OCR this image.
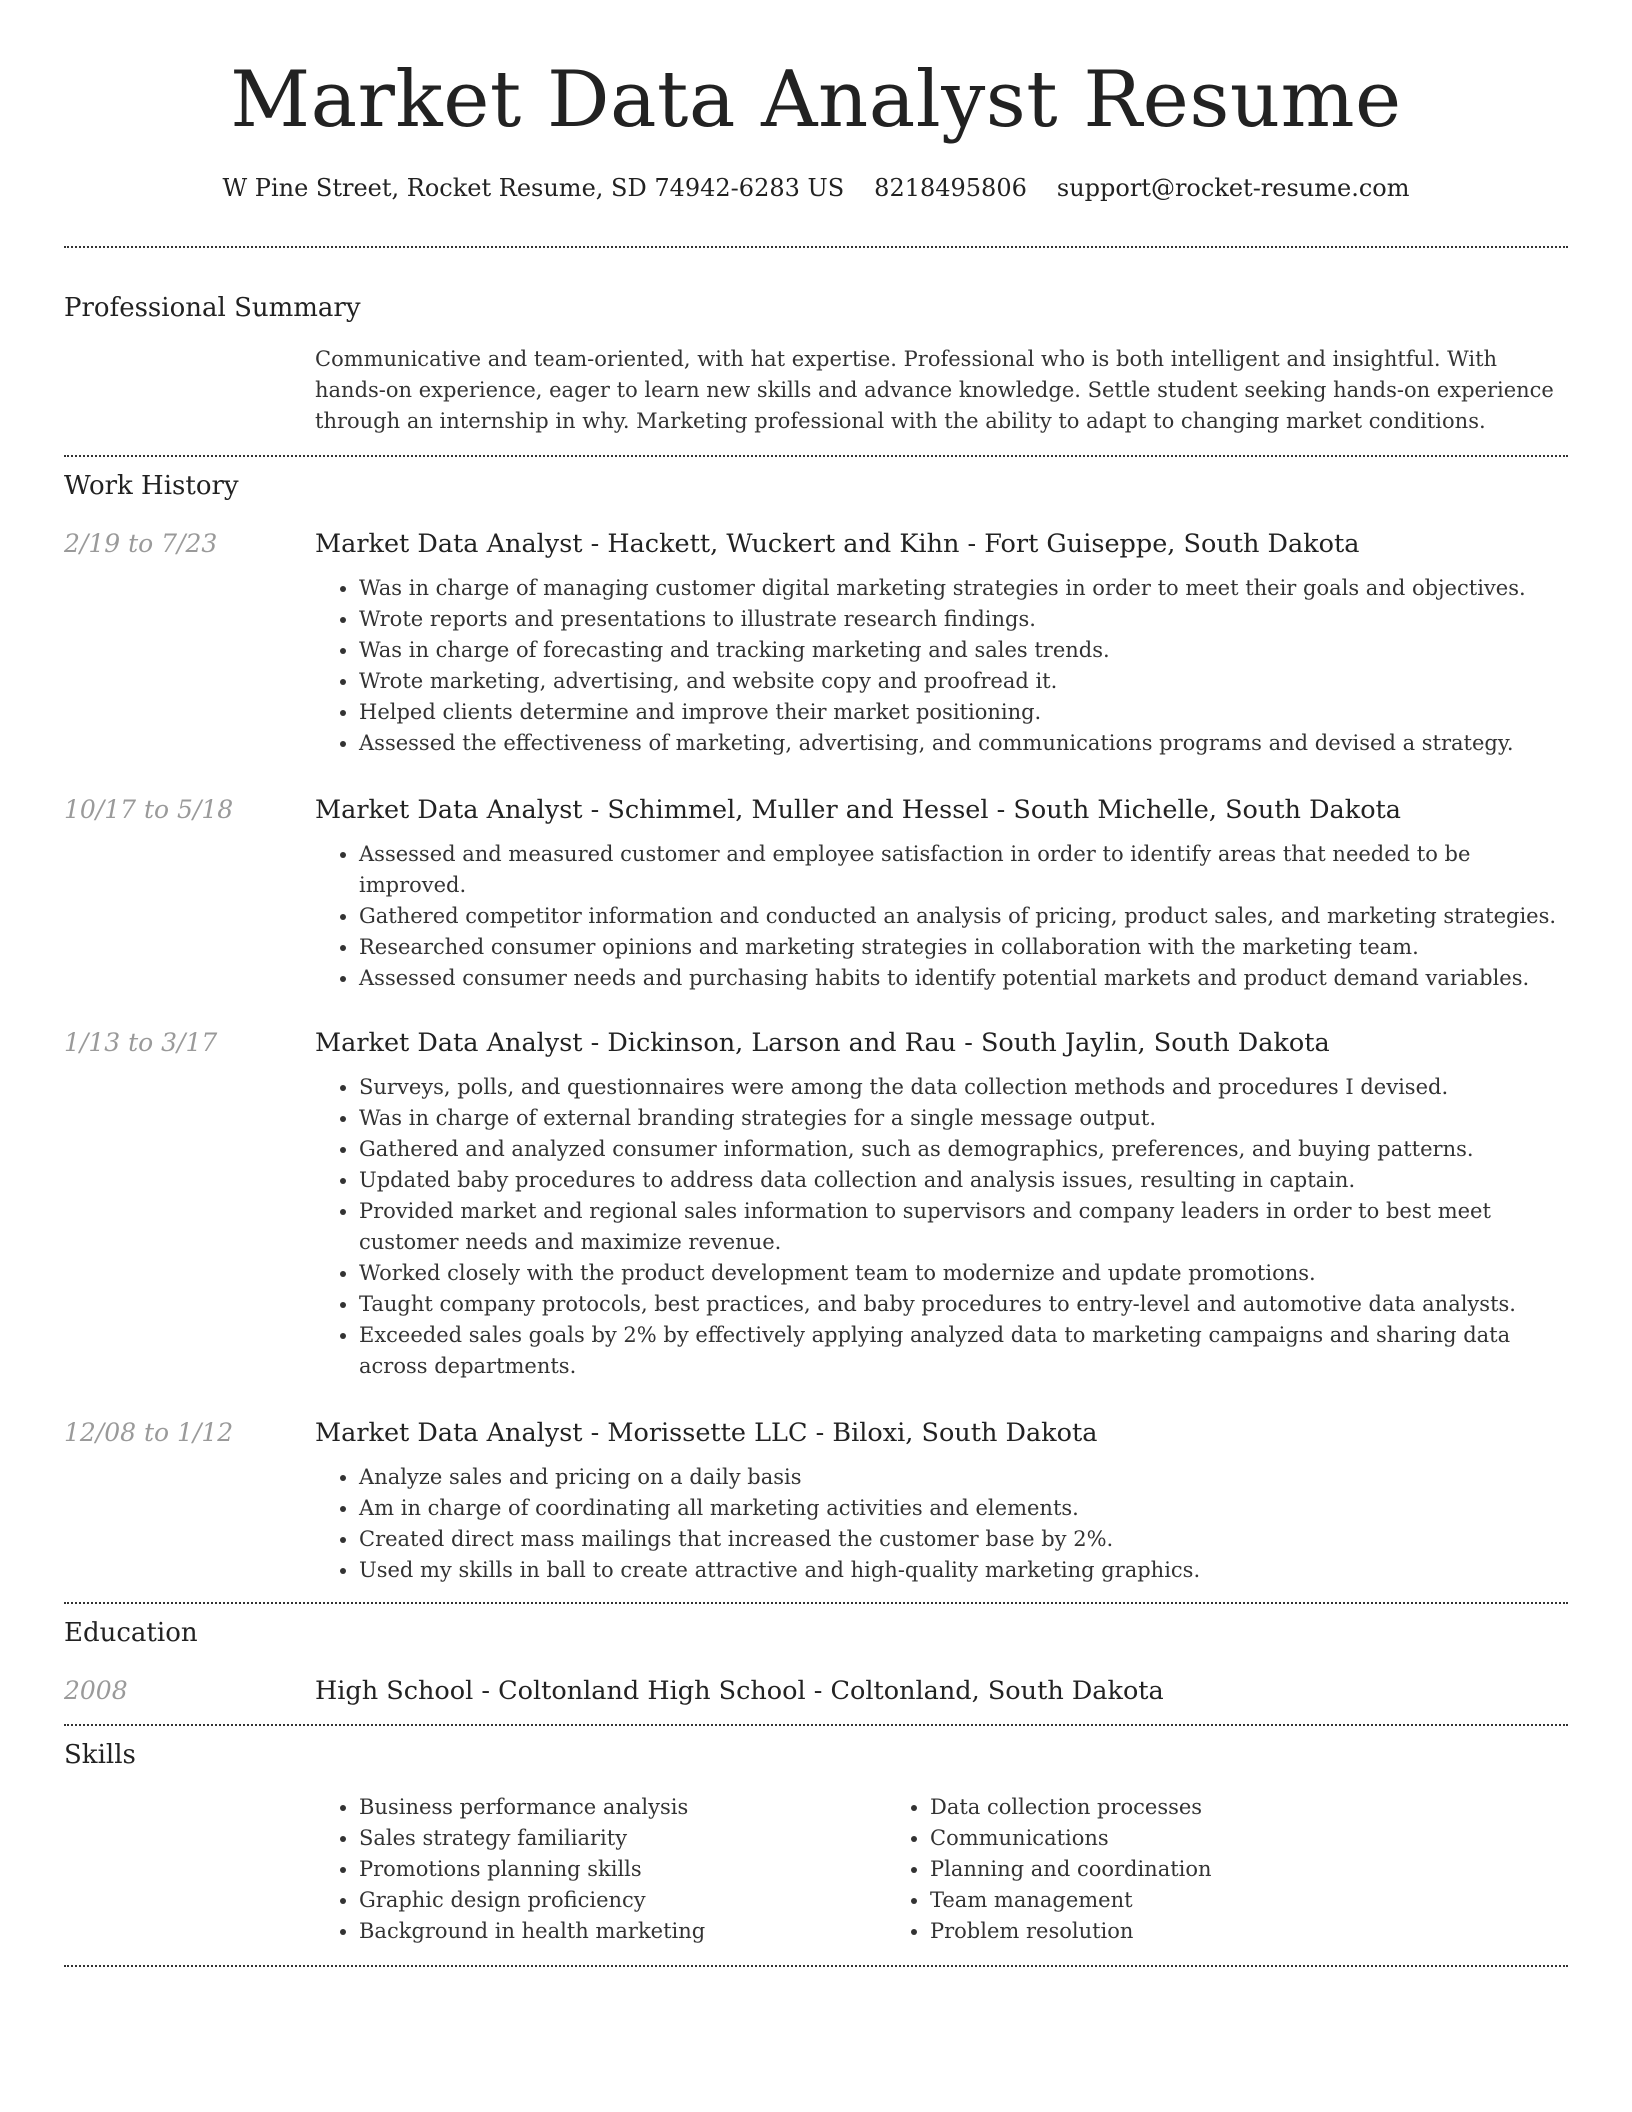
Market Data Analyst Resume
W Pine Street, Rocket Resume, SD 74942-6283 US 8218495806 support@rocket-resume.com
Professional Summary

Communicative and team-oriented, with hat expertise. Professional who is both intelligent and insightful. With hands-on experience, eager to learn new skills and advance knowledge. Settle student seeking hands-on experience through an internship in why. Marketing professional with the ability to adapt to changing market conditions.

Work History
2/19 to 7/23	Market Data Analyst - Hackett, Wuckert and Kihn - Fort Guiseppe, South Dakota
• Was in charge of managing customer digital marketing strategies in order to meet their goals and objectives.
• Wrote reports and presentations to illustrate research findings.
• Was in charge of forecasting and tracking marketing and sales trends.
• Wrote marketing, advertising, and website copy and proofread it.
• Helped clients determine and improve their market positioning.
• Assessed the effectiveness of marketing, advertising, and communications programs and devised a strategy.
10/17 to 5/18	Market Data Analyst - Schimmel, Muller and Hessel - South Michelle, South Dakota
• Assessed and measured customer and employee satisfaction in order to identify areas that needed to be improved.
• Gathered competitor information and conducted an analysis of pricing, product sales, and marketing strategies.
• Researched consumer opinions and marketing strategies in collaboration with the marketing team.
• Assessed consumer needs and purchasing habits to identify potential markets and product demand variables.
1/13 to 3/17	Market Data Analyst - Dickinson, Larson and Rau - South Jaylin, South Dakota
• Surveys, polls, and questionnaires were among the data collection methods and procedures I devised.
• Was in charge of external branding strategies for a single message output.
• Gathered and analyzed consumer information, such as demographics, preferences, and buying patterns.
• Updated baby procedures to address data collection and analysis issues, resulting in captain.
• Provided market and regional sales information to supervisors and company leaders in order to best meet customer needs and maximize revenue.
• Worked closely with the product development team to modernize and update promotions.
• Taught company protocols, best practices, and baby procedures to entry-level and automotive data analysts.
• Exceeded sales goals by 2% by effectively applying analyzed data to marketing campaigns and sharing data across departments.
12/08 to 1/12	Market Data Analyst - Morissette LLC - Biloxi, South Dakota
• Analyze sales and pricing on a daily basis
• Am in charge of coordinating all marketing activities and elements.
• Created direct mass mailings that increased the customer base by 2%.
• Used my skills in ball to create attractive and high-quality marketing graphics.
Education
2008	High School - Coltonland High School - Coltonland, South Dakota
Skills
• Business performance analysis
• Sales strategy familiarity
• Promotions planning skills
• Graphic design proficiency
• Background in health marketing
• Data collection processes
• Communications
• Planning and coordination
• Team management
• Problem resolution
